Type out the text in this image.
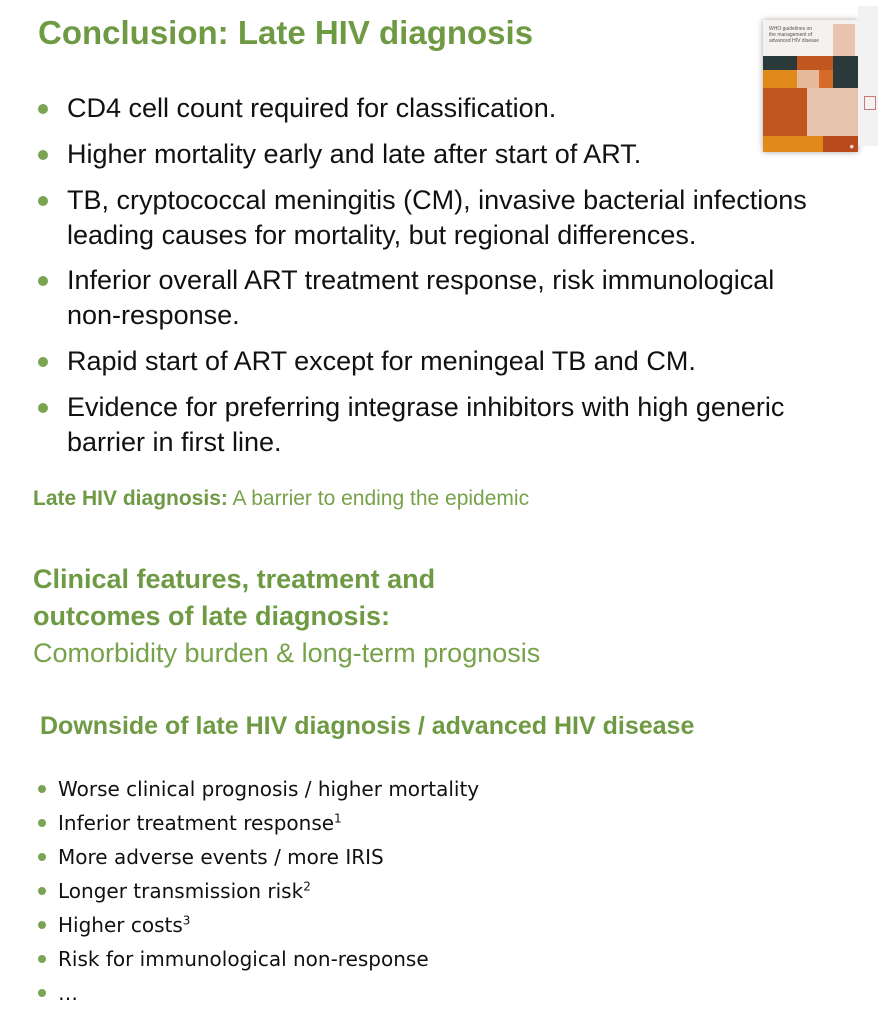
Conclusion: Late HIV diagnosis
CD4 cell count required for classification.
Higher mortality early and late after start of ART.
TB, cryptococcal meningitis (CM), invasive bacterial infections
leading causes for mortality, but regional differences.
Inferior overall ART treatment response, risk immunological
non-response.
Rapid start of ART except for meningeal TB and CM.
Evidence for preferring integrase inhibitors with high generic
barrier in first line.
WHO guidelines on
the management of
advanced HIV disease
◉
Late HIV diagnosis: A barrier to ending the epidemic
Clinical features, treatment and
outcomes of late diagnosis:
Comorbidity burden & long-term prognosis
Downside of late HIV diagnosis / advanced HIV disease
Worse clinical prognosis / higher mortality
Inferior treatment response$^1$
More adverse events / more IRIS
Longer transmission risk$^2$
Higher costs$^3$
Risk for immunological non-response
…
